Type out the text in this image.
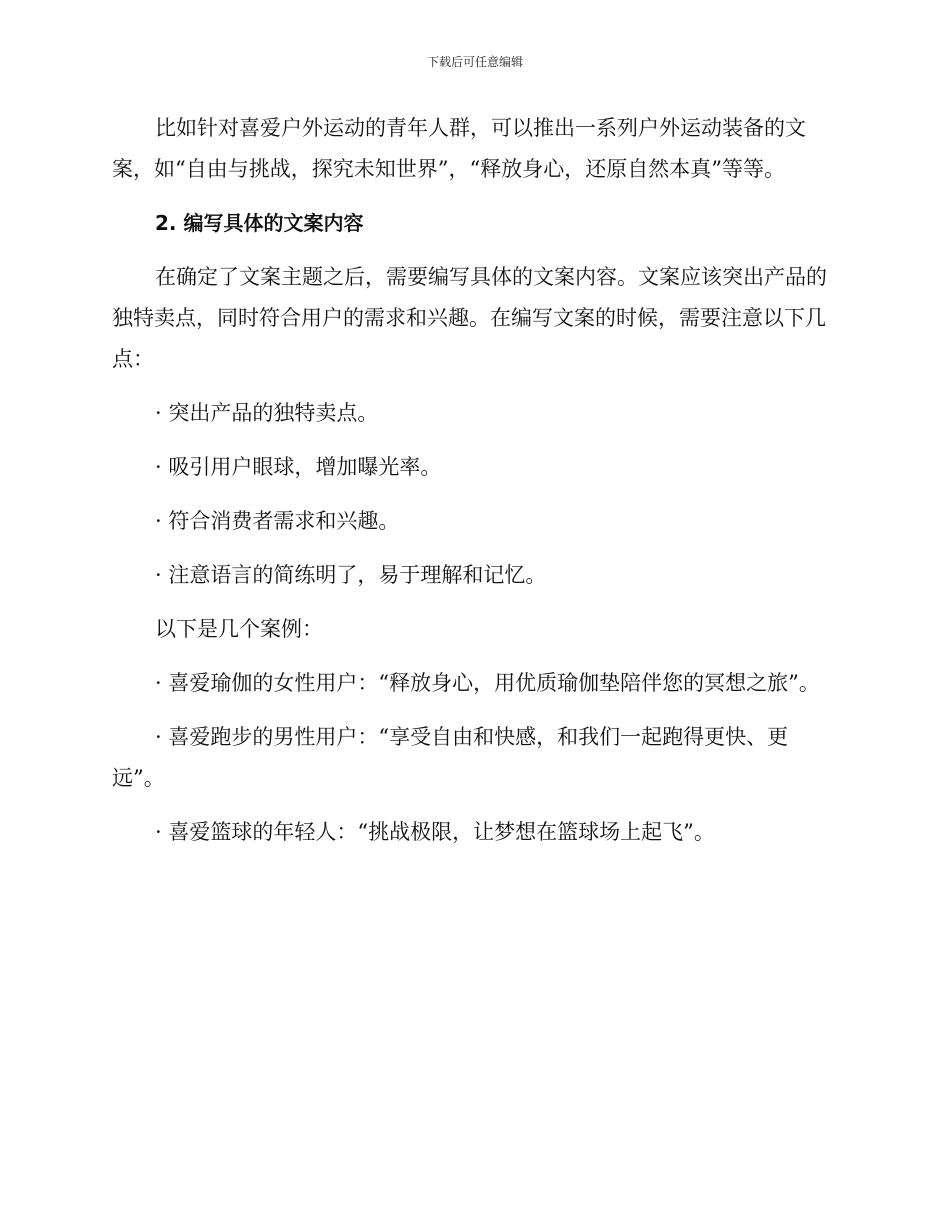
下载后可任意编辑

比如针对喜爱户外运动的青年人群，可以推出一系列户外运动装备的文案，如“自由与挑战，探究未知世界”，“释放身心，还原自然本真”等等。

2. 编写具体的文案内容

在确定了文案主题之后，需要编写具体的文案内容。文案应该突出产品的独特卖点，同时符合用户的需求和兴趣。在编写文案的时候，需要注意以下几点：

· 突出产品的独特卖点。

· 吸引用户眼球，增加曝光率。

· 符合消费者需求和兴趣。

· 注意语言的简练明了，易于理解和记忆。

以下是几个案例：

· 喜爱瑜伽的女性用户：“释放身心，用优质瑜伽垫陪伴您的冥想之旅”。

· 喜爱跑步的男性用户：“享受自由和快感，和我们一起跑得更快、更远”。

· 喜爱篮球的年轻人：“挑战极限，让梦想在篮球场上起飞”。
